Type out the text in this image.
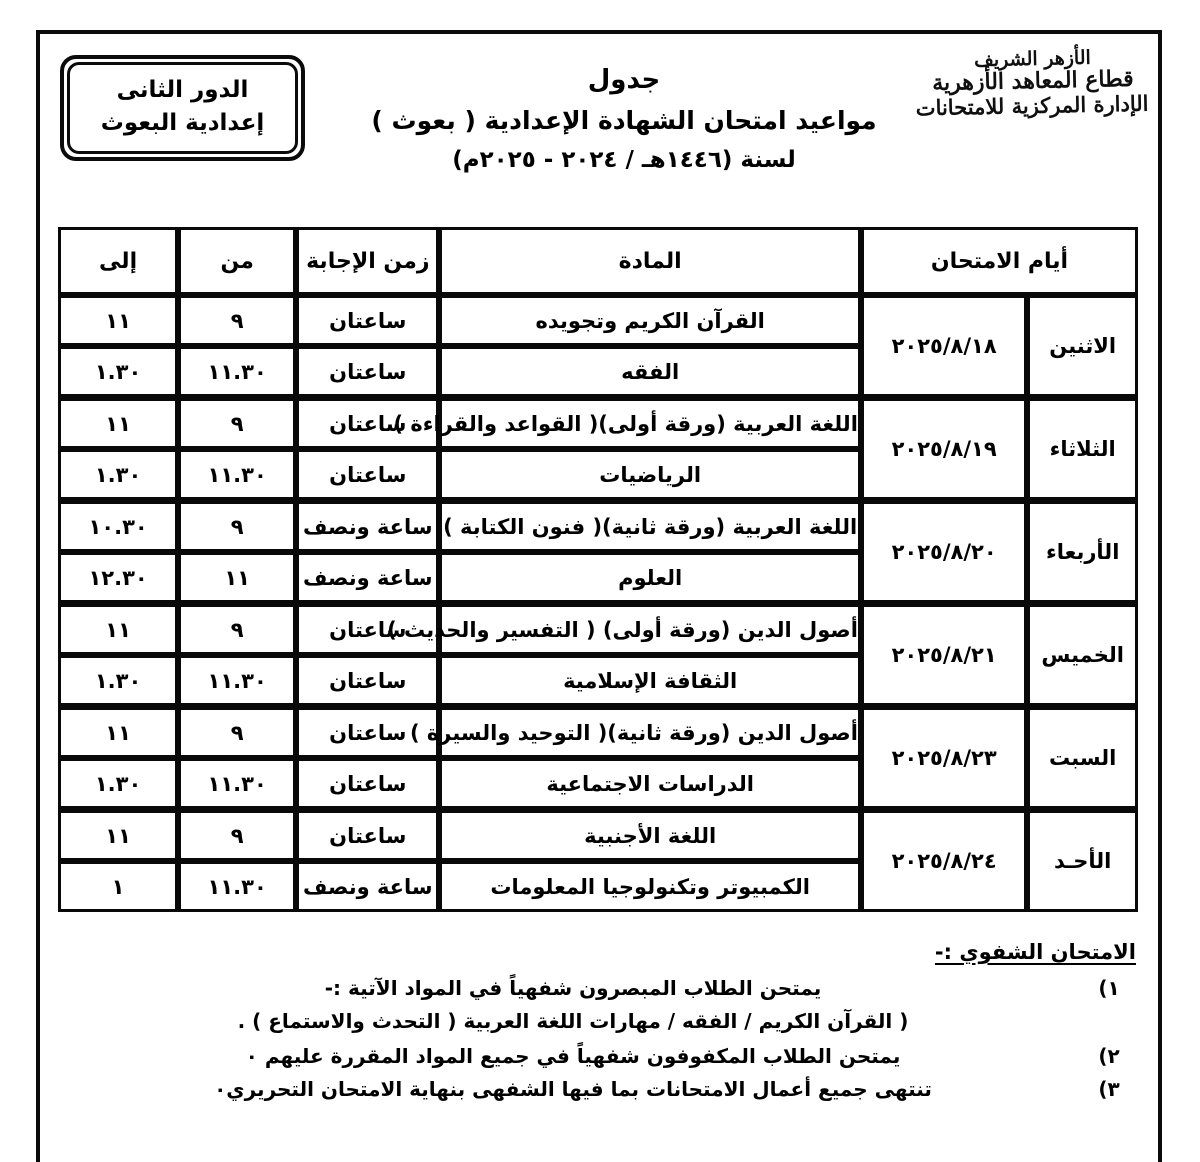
الدور الثانى
إعدادية البعوث
جدول
مواعيد امتحان الشهادة الإعدادية ( بعوث )
لسنة (١٤٤٦هـ / ٢٠٢٤ - ٢٠٢٥م)
الأزهر الشريف
قطاع المعاهد الأزهرية
الإدارة المركزية للامتحانات
أيام الامتحان		المادة	زمن الإجابة	من	إلى
الاثنين	٢٠٢٥/٨/١٨	القرآن الكريم وتجويده	ساعتان	٩	١١
		الفقه	ساعتان	١١.٣٠	١.٣٠
الثلاثاء	٢٠٢٥/٨/١٩	اللغة العربية (ورقة أولى)( القواعد والقراءة )	ساعتان	٩	١١
		الرياضيات	ساعتان	١١.٣٠	١.٣٠
الأربعاء	٢٠٢٥/٨/٢٠	اللغة العربية (ورقة ثانية)( فنون الكتابة )	ساعة ونصف	٩	١٠.٣٠
		العلوم	ساعة ونصف	١١	١٢.٣٠
الخميس	٢٠٢٥/٨/٢١	أصول الدين (ورقة أولى) ( التفسير والحديث )	ساعتان	٩	١١
		الثقافة الإسلامية	ساعتان	١١.٣٠	١.٣٠
السبت	٢٠٢٥/٨/٢٣	أصول الدين (ورقة ثانية)( التوحيد والسيرة )	ساعتان	٩	١١
		الدراسات الاجتماعية	ساعتان	١١.٣٠	١.٣٠
الأحـد	٢٠٢٥/٨/٢٤	اللغة الأجنبية	ساعتان	٩	١١
		الكمبيوتر وتكنولوجيا المعلومات	ساعة ونصف	١١.٣٠	١
الامتحان الشفوي :-
١)
يمتحن الطلاب المبصرون شفهياً في المواد الآتية :-
( القرآن الكريم / الفقه / مهارات اللغة العربية ( التحدث والاستماع ) .
٢)
يمتحن الطلاب المكفوفون شفهياً في جميع المواد المقررة عليهم ٠
٣)
تنتهى جميع أعمال الامتحانات بما فيها الشفهى بنهاية الامتحان التحريري٠
